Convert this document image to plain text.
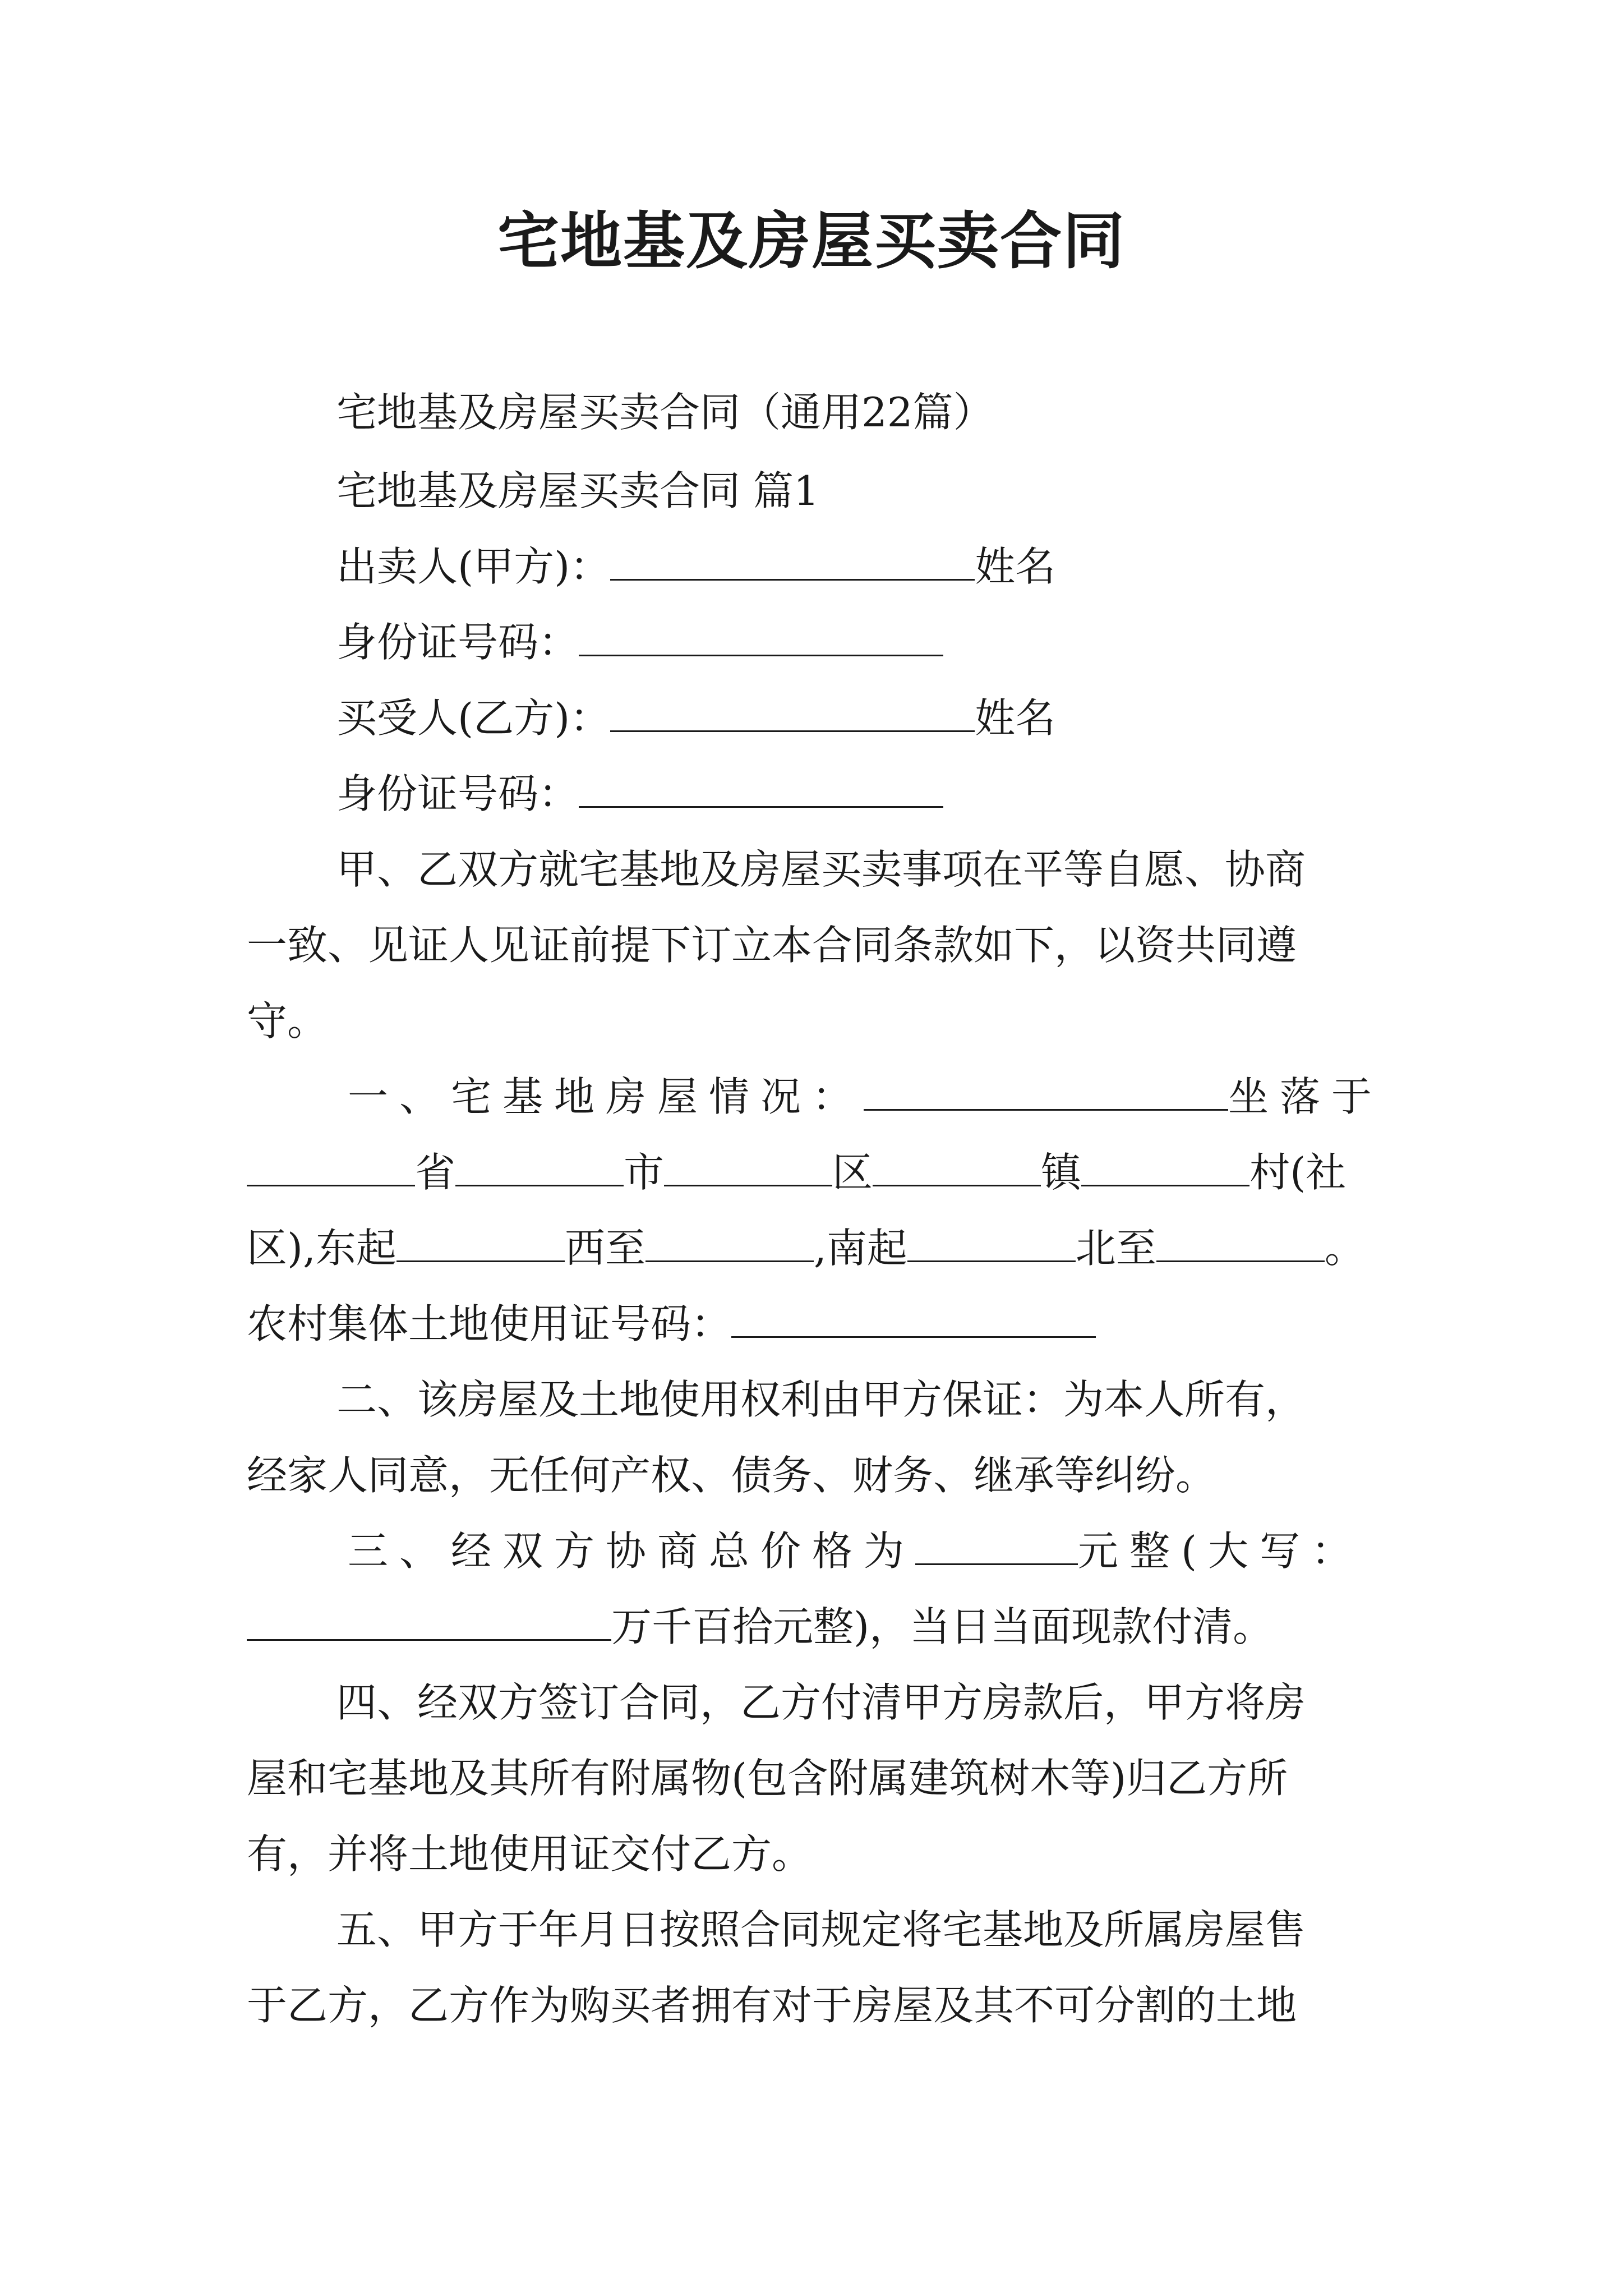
宅地基及房屋买卖合同
宅地基及房屋买卖合同（通用22篇）
宅地基及房屋买卖合同 篇1
出卖人(甲方)：	姓名
身份证号码：
买受人(乙方)：	姓名
身份证号码：
甲、乙双方就宅基地及房屋买卖事项在平等自愿、协商
一致、见证人见证前提下订立本合同条款如下，以资共同遵
守。
一、宅基地房屋情况：	坐落于
省	市	区	镇	村(社
区),东起	西至	,南起	北至	。
农村集体土地使用证号码：
二、该房屋及土地使用权利由甲方保证：为本人所有，
经家人同意，无任何产权、债务、财务、继承等纠纷。
三、经双方协商总价格为	元整(大写：
万千百拾元整)，当日当面现款付清。
四、经双方签订合同，乙方付清甲方房款后，甲方将房
屋和宅基地及其所有附属物(包含附属建筑树木等)归乙方所
有，并将土地使用证交付乙方。
五、甲方于年月日按照合同规定将宅基地及所属房屋售
于乙方，乙方作为购买者拥有对于房屋及其不可分割的土地
